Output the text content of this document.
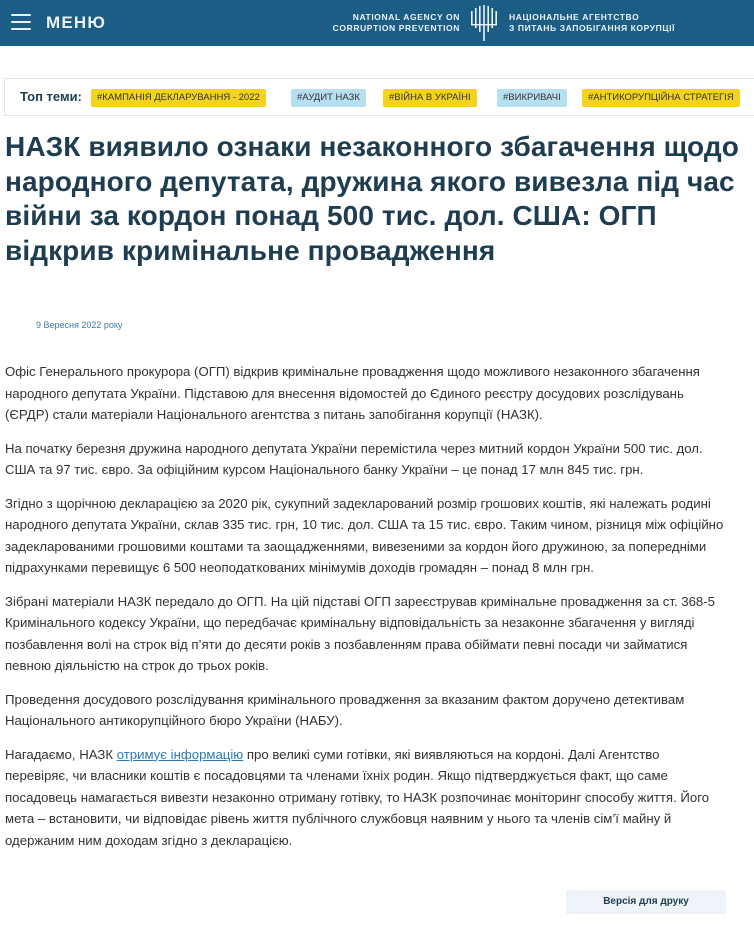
МЕНЮ	NATIONAL AGENCY ON
CORRUPTION PREVENTION
НАЦІОНАЛЬНЕ АГЕНТСТВО
З ПИТАНЬ ЗАПОБІГАННЯ КОРУПЦІЇ
Топ теми:	#КАМПАНІЯ ДЕКЛАРУВАННЯ - 2022	#АУДИТ НАЗК	#ВІЙНА В УКРАЇНІ	#ВИКРИВАЧІ	#АНТИКОРУПЦІЙНА СТРАТЕГІЯ
НАЗК виявило ознаки незаконного збагачення щодо народного депутата, дружина якого вивезла під час війни за кордон понад 500 тис. дол. США: ОГП відкрив кримінальне провадження
9 Вересня 2022 року

Офіс Генерального прокурора (ОГП) відкрив кримінальне провадження щодо можливого незаконного збагачення народного депутата України. Підставою для внесення відомостей до Єдиного реєстру досудових розслідувань (ЄРДР) стали матеріали Національного агентства з питань запобігання корупції (НАЗК).

На початку березня дружина народного депутата України перемістила через митний кордон України 500 тис. дол. США та 97 тис. євро. За офіційним курсом Національного банку України – це понад 17 млн 845 тис. грн.

Згідно з щорічною декларацією за 2020 рік, сукупний задекларований розмір грошових коштів, які належать родині народного депутата України, склав 335 тис. грн, 10 тис. дол. США та 15 тис. євро. Таким чином, різниця між офіційно задекларованими грошовими коштами та заощадженнями, вивезеними за кордон його дружиною, за попередніми підрахунками перевищує 6 500 неоподаткованих мінімумів доходів громадян – понад 8 млн грн.

Зібрані матеріали НАЗК передало до ОГП. На цій підставі ОГП зареєстрував кримінальне провадження за ст. 368-5 Кримінального кодексу України, що передбачає кримінальну відповідальність за незаконне збагачення у вигляді позбавлення волі на строк від п’яти до десяти років з позбавленням права обіймати певні посади чи займатися певною діяльністю на строк до трьох років.

Проведення досудового розслідування кримінального провадження за вказаним фактом доручено детективам Національного антикорупційного бюро України (НАБУ).

Нагадаємо, НАЗК отримує інформацію про великі суми готівки, які виявляються на кордоні. Далі Агентство перевіряє, чи власники коштів є посадовцями та членами їхніх родин. Якщо підтверджується факт, що саме посадовець намагається вивезти незаконно отриману готівку, то НАЗК розпочинає моніторинг способу життя. Його мета – встановити, чи відповідає рівень життя публічного службовця наявним у нього та членів сім’ї майну й одержаним ним доходам згідно з декларацією.

Версія для друку
